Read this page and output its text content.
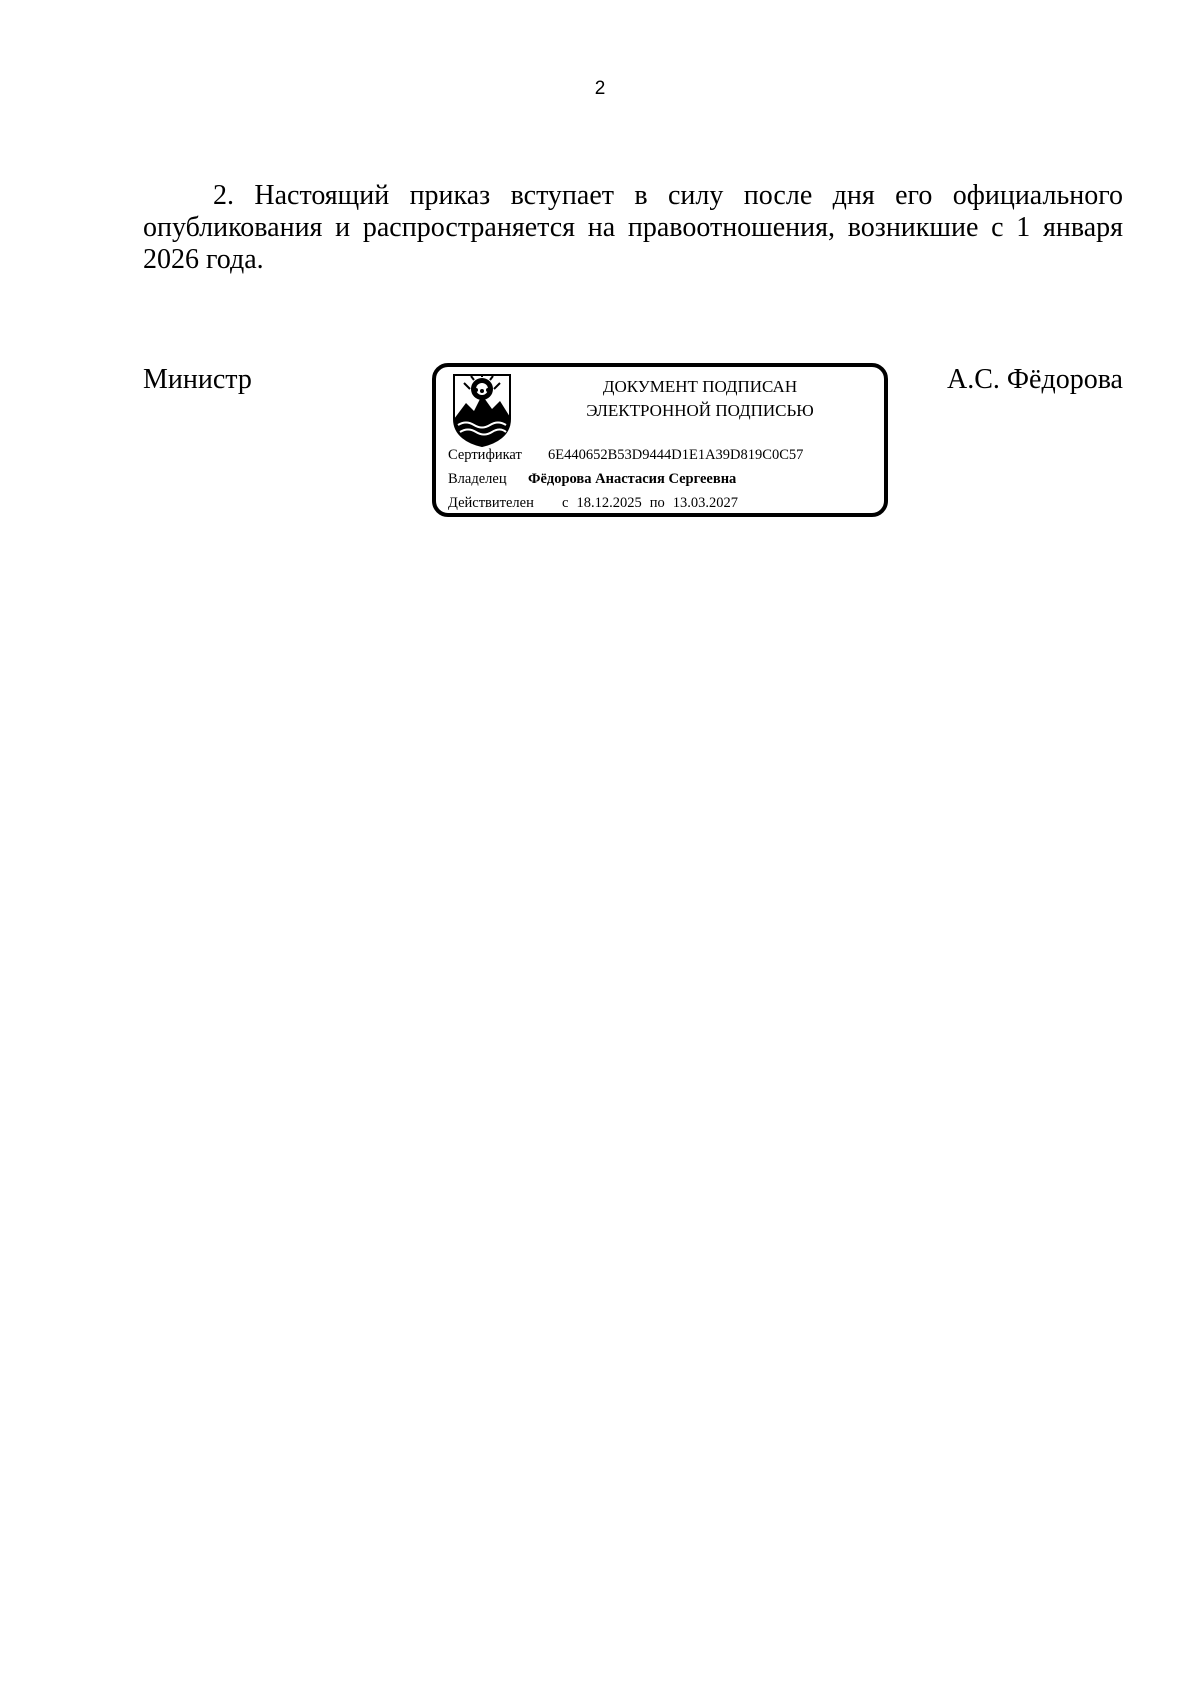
2

2. Настоящий приказ вступает в силу после дня его официального опубликования и распространяется на правоотношения, возникшие с 1 января 2026 года.

Министр	ДОКУМЕНТ ПОДПИСАН
ЭЛЕКТРОННОЙ ПОДПИСЬЮ
Сертификат 6E440652B53D9444D1E1A39D819C0C57
Владелец Фёдорова Анастасия Сергеевна
Действителен с 18.12.2025 по 13.03.2027
А.С. Фёдорова
